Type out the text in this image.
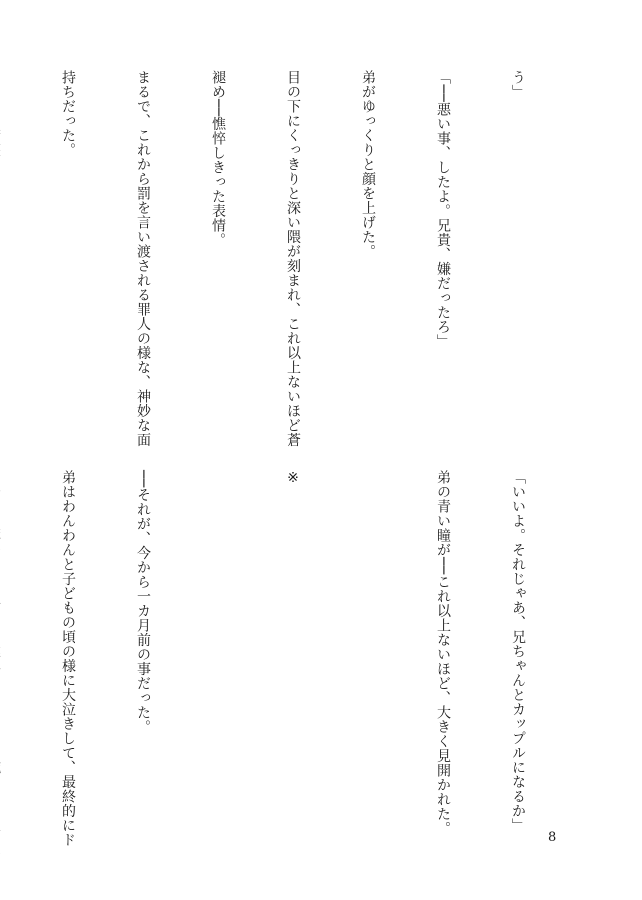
う」

「──悪い事、したよ。兄貴、嫌だったろ」

弟がゆっくりと顔を上げた。

目の下にくっきりと深い隈が刻まれ、これ以上ないほど蒼

褪め──憔悴しきった表情。

まるで、これから罰を言い渡される罪人の様な、神妙な面

持ちだった。

「いいよ。それじゃあ、兄ちゃんとカップルになるか」

弟の青い瞳が──これ以上ないほど、大きく見開かれた。

※

──それが、今から一カ月前の事だった。

弟はわんわんと子どもの頃の様に大泣きして、最終的にド

	8
